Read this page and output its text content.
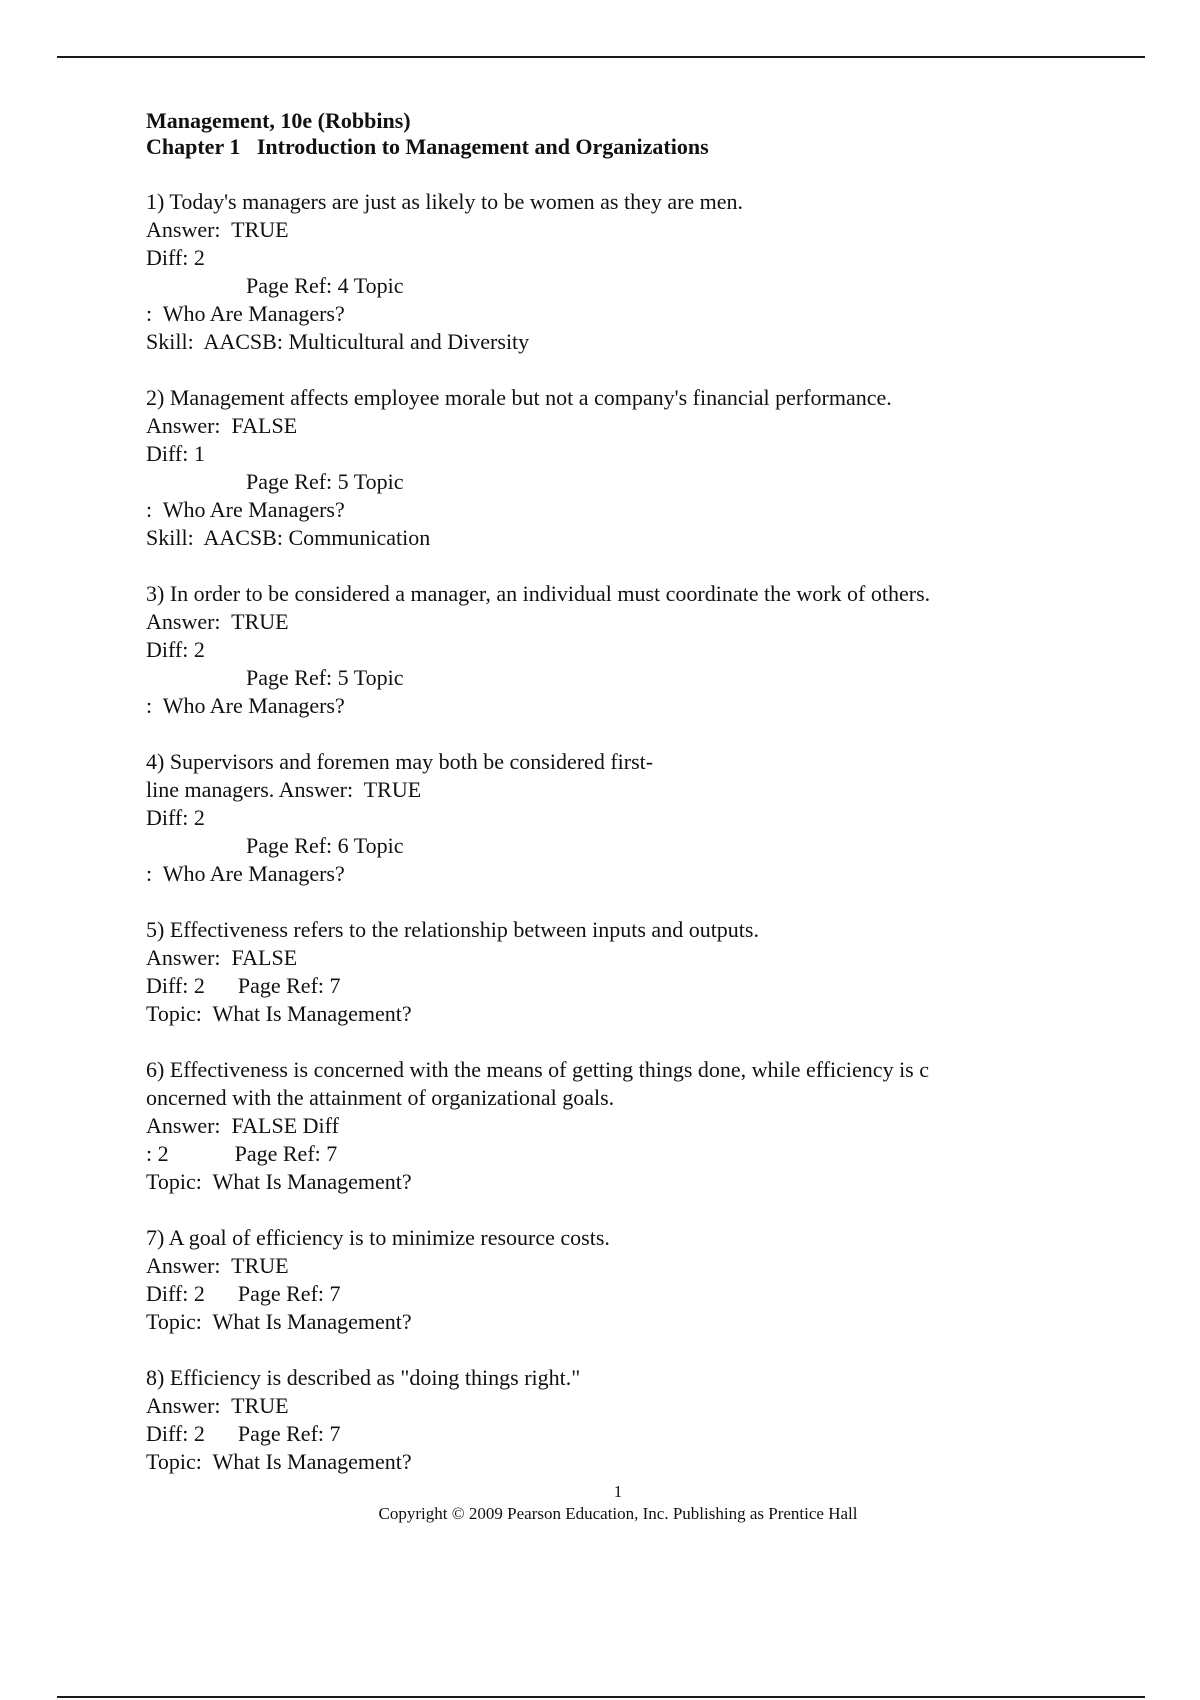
Management, 10e (Robbins)
Chapter 1   Introduction to Management and Organizations
1) Today's managers are just as likely to be women as they are men.
Answer:  TRUE
Diff: 2
Page Ref: 4 Topic
:  Who Are Managers?
Skill:  AACSB: Multicultural and Diversity
2) Management affects employee morale but not a company's financial performance.
Answer:  FALSE
Diff: 1
Page Ref: 5 Topic
:  Who Are Managers?
Skill:  AACSB: Communication
3) In order to be considered a manager, an individual must coordinate the work of others.
Answer:  TRUE
Diff: 2
Page Ref: 5 Topic
:  Who Are Managers?
4) Supervisors and foremen may both be considered first-
line managers. Answer:  TRUE
Diff: 2
Page Ref: 6 Topic
:  Who Are Managers?
5) Effectiveness refers to the relationship between inputs and outputs.
Answer:  FALSE
Diff: 2      Page Ref: 7
Topic:  What Is Management?
6) Effectiveness is concerned with the means of getting things done, while efficiency is c
oncerned with the attainment of organizational goals.
Answer:  FALSE Diff
: 2            Page Ref: 7
Topic:  What Is Management?
7) A goal of efficiency is to minimize resource costs.
Answer:  TRUE
Diff: 2      Page Ref: 7
Topic:  What Is Management?
8) Efficiency is described as "doing things right."
Answer:  TRUE
Diff: 2      Page Ref: 7
Topic:  What Is Management?
1
Copyright © 2009 Pearson Education, Inc. Publishing as Prentice Hall
